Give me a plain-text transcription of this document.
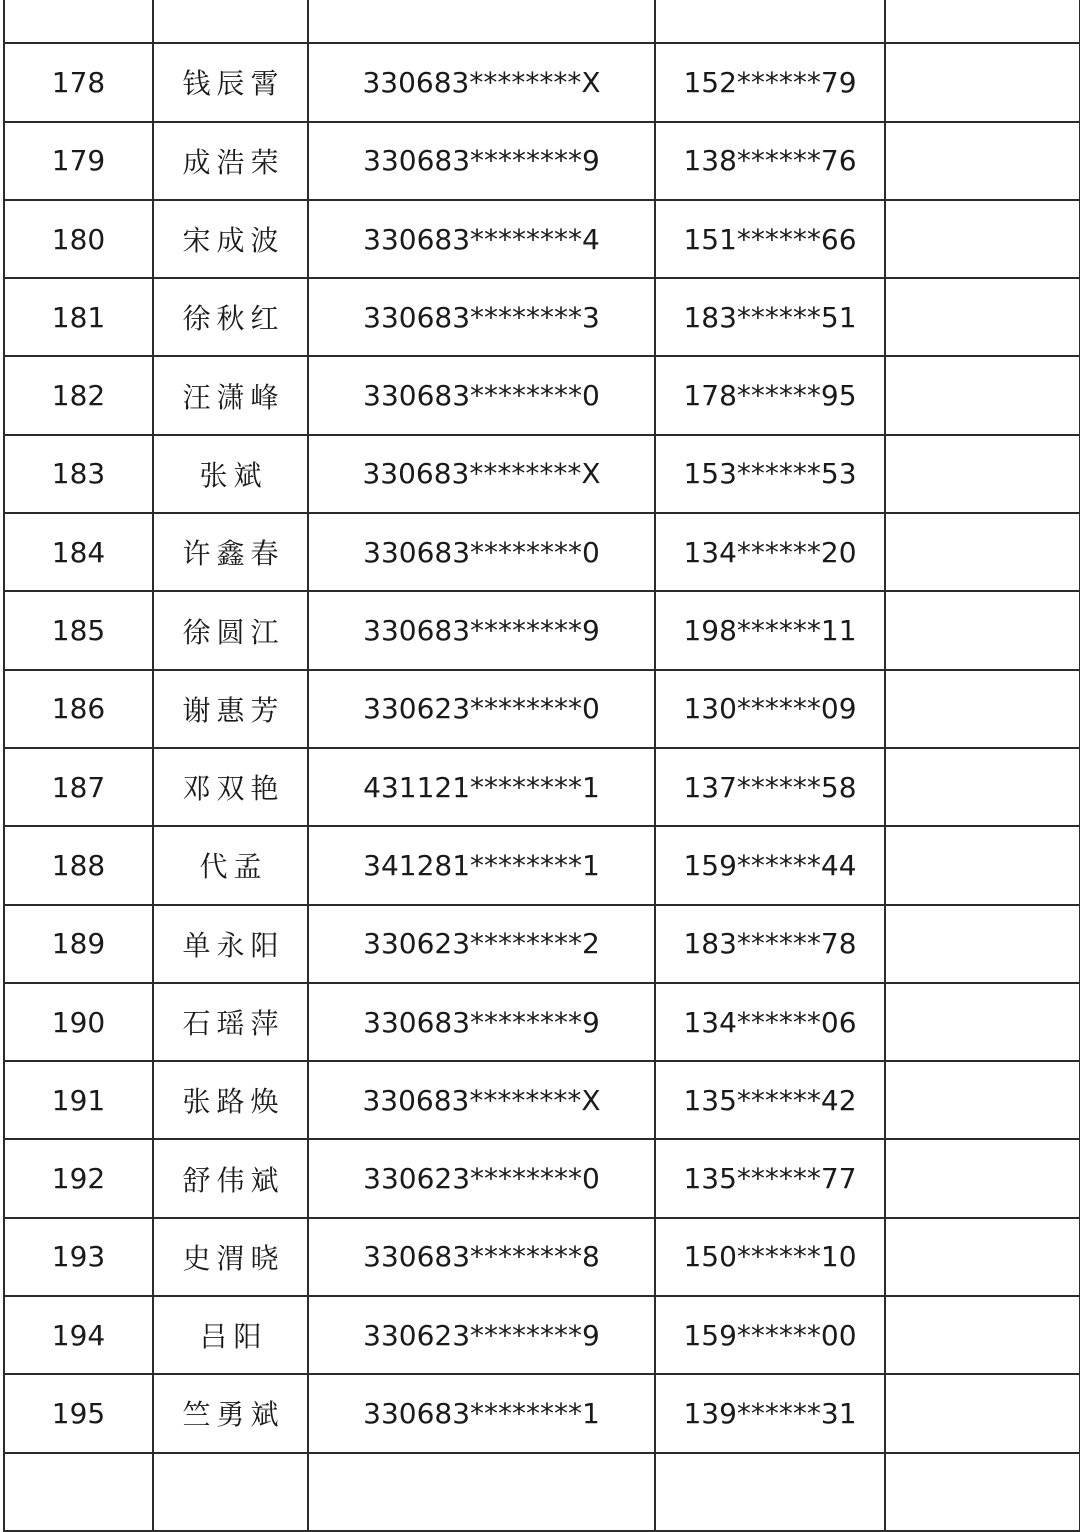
178	钱辰霄	330683********X	152******79	
179	成浩荣	330683********9	138******76	
180	宋成波	330683********4	151******66	
181	徐秋红	330683********3	183******51	
182	汪潇峰	330683********0	178******95	
183	张斌	330683********X	153******53	
184	许鑫春	330683********0	134******20	
185	徐圆江	330683********9	198******11	
186	谢惠芳	330623********0	130******09	
187	邓双艳	431121********1	137******58	
188	代孟	341281********1	159******44	
189	单永阳	330623********2	183******78	
190	石瑶萍	330683********9	134******06	
191	张路焕	330683********X	135******42	
192	舒伟斌	330623********0	135******77	
193	史渭晓	330683********8	150******10	
194	吕阳	330623********9	159******00	
195	竺勇斌	330683********1	139******31	
